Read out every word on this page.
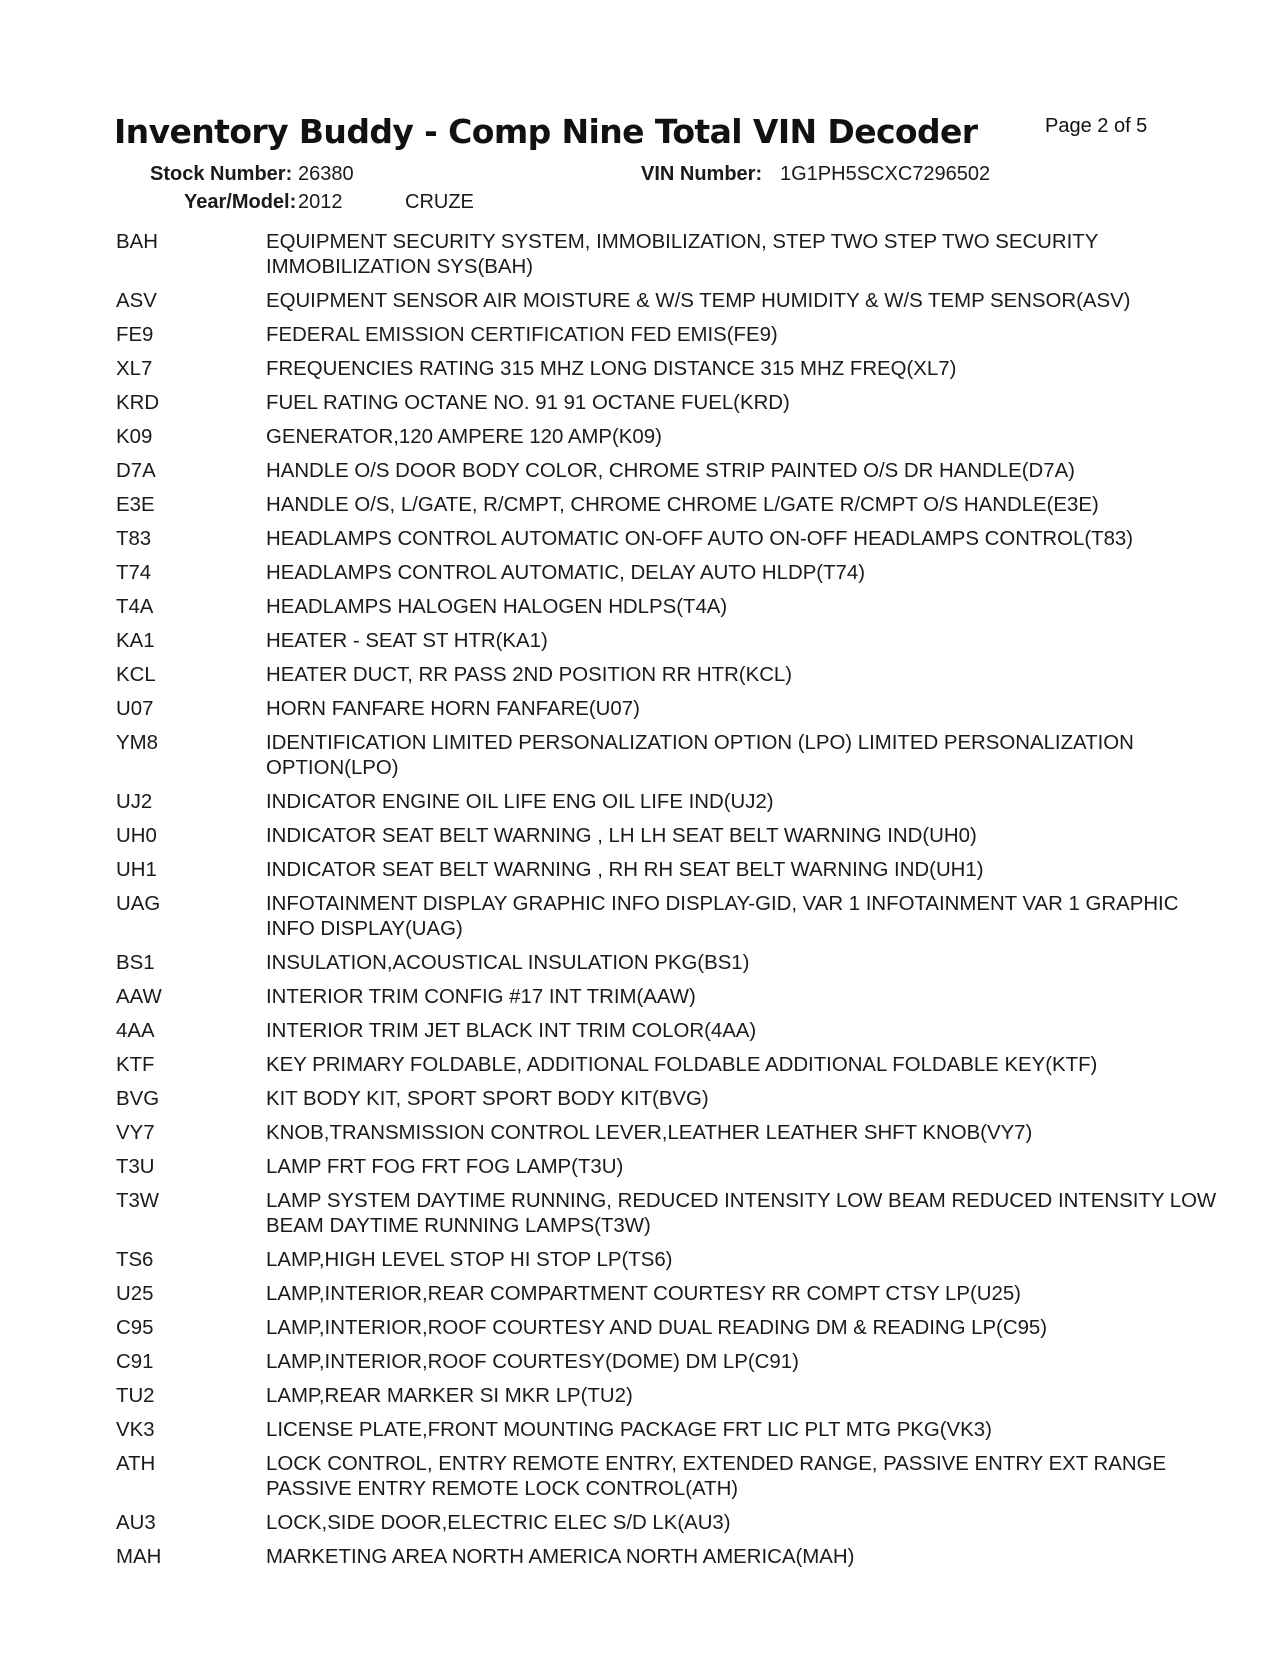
Inventory Buddy - Comp Nine Total VIN Decoder	Page 2 of 5
Stock Number: 26380	VIN Number: 1G1PH5SCXC7296502
Year/Model: 2012	CRUZE
BAH	EQUIPMENT SECURITY SYSTEM, IMMOBILIZATION, STEP TWO STEP TWO SECURITY IMMOBILIZATION SYS(BAH)
ASV	EQUIPMENT SENSOR AIR MOISTURE & W/S TEMP HUMIDITY & W/S TEMP SENSOR(ASV)
FE9	FEDERAL EMISSION CERTIFICATION FED EMIS(FE9)
XL7	FREQUENCIES RATING 315 MHZ LONG DISTANCE 315 MHZ FREQ(XL7)
KRD	FUEL RATING OCTANE NO. 91 91 OCTANE FUEL(KRD)
K09	GENERATOR,120 AMPERE 120 AMP(K09)
D7A	HANDLE O/S DOOR BODY COLOR, CHROME STRIP PAINTED O/S DR HANDLE(D7A)
E3E	HANDLE O/S, L/GATE, R/CMPT, CHROME CHROME L/GATE R/CMPT O/S HANDLE(E3E)
T83	HEADLAMPS CONTROL AUTOMATIC ON-OFF AUTO ON-OFF HEADLAMPS CONTROL(T83)
T74	HEADLAMPS CONTROL AUTOMATIC, DELAY AUTO HLDP(T74)
T4A	HEADLAMPS HALOGEN HALOGEN HDLPS(T4A)
KA1	HEATER - SEAT ST HTR(KA1)
KCL	HEATER DUCT, RR PASS 2ND POSITION RR HTR(KCL)
U07	HORN FANFARE HORN FANFARE(U07)
YM8	IDENTIFICATION LIMITED PERSONALIZATION OPTION (LPO) LIMITED PERSONALIZATION OPTION(LPO)
UJ2	INDICATOR ENGINE OIL LIFE ENG OIL LIFE IND(UJ2)
UH0	INDICATOR SEAT BELT WARNING , LH LH SEAT BELT WARNING IND(UH0)
UH1	INDICATOR SEAT BELT WARNING , RH RH SEAT BELT WARNING IND(UH1)
UAG	INFOTAINMENT DISPLAY GRAPHIC INFO DISPLAY-GID, VAR 1 INFOTAINMENT VAR 1 GRAPHIC INFO DISPLAY(UAG)
BS1	INSULATION,ACOUSTICAL INSULATION PKG(BS1)
AAW	INTERIOR TRIM CONFIG #17 INT TRIM(AAW)
4AA	INTERIOR TRIM JET BLACK INT TRIM COLOR(4AA)
KTF	KEY PRIMARY FOLDABLE, ADDITIONAL FOLDABLE ADDITIONAL FOLDABLE KEY(KTF)
BVG	KIT BODY KIT, SPORT SPORT BODY KIT(BVG)
VY7	KNOB,TRANSMISSION CONTROL LEVER,LEATHER LEATHER SHFT KNOB(VY7)
T3U	LAMP FRT FOG FRT FOG LAMP(T3U)
T3W	LAMP SYSTEM DAYTIME RUNNING, REDUCED INTENSITY LOW BEAM REDUCED INTENSITY LOW BEAM DAYTIME RUNNING LAMPS(T3W)
TS6	LAMP,HIGH LEVEL STOP HI STOP LP(TS6)
U25	LAMP,INTERIOR,REAR COMPARTMENT COURTESY RR COMPT CTSY LP(U25)
C95	LAMP,INTERIOR,ROOF COURTESY AND DUAL READING DM & READING LP(C95)
C91	LAMP,INTERIOR,ROOF COURTESY(DOME) DM LP(C91)
TU2	LAMP,REAR MARKER SI MKR LP(TU2)
VK3	LICENSE PLATE,FRONT MOUNTING PACKAGE FRT LIC PLT MTG PKG(VK3)
ATH	LOCK CONTROL, ENTRY REMOTE ENTRY, EXTENDED RANGE, PASSIVE ENTRY EXT RANGE PASSIVE ENTRY REMOTE LOCK CONTROL(ATH)
AU3	LOCK,SIDE DOOR,ELECTRIC ELEC S/D LK(AU3)
MAH	MARKETING AREA NORTH AMERICA NORTH AMERICA(MAH)
